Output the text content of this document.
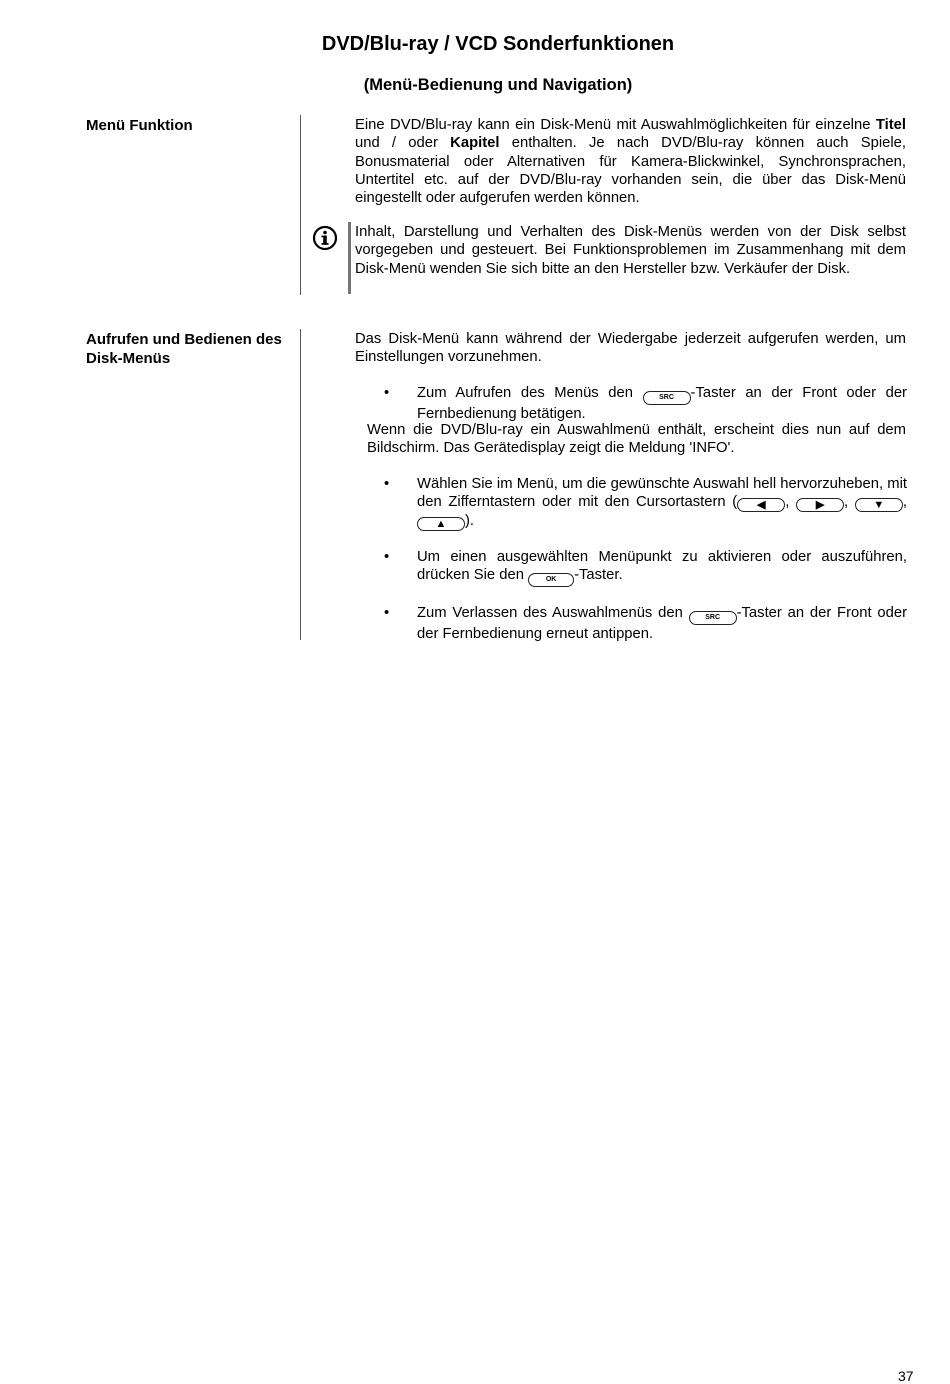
DVD/Blu-ray / VCD Sonderfunktionen
(Menü-Bedienung und Navigation)
Menü Funktion	Eine DVD/Blu-ray kann ein Disk-Menü mit Auswahlmöglichkeiten für einzelne Titel und / oder Kapitel enthalten. Je nach DVD/Blu-ray können auch Spiele, Bonusmaterial oder Alternativen für Kamera-Blickwinkel, Synchronsprachen, Untertitel etc. auf der DVD/Blu-ray vorhanden sein, die über das Disk-Menü eingestellt oder aufgerufen werden können.
Inhalt, Darstellung und Verhalten des Disk-Menüs werden von der Disk selbst vorgegeben und gesteuert. Bei Funktionsproblemen im Zusammenhang mit dem Disk-Menü wenden Sie sich bitte an den Hersteller bzw. Verkäufer der Disk.
Aufrufen und Bedienen des Disk-Menüs
Das Disk-Menü kann während der Wiedergabe jederzeit aufgerufen werden, um Einstellungen vorzunehmen.
• Zum Aufrufen des Menüs den SRC -Taster an der Front oder der Fernbedienung betätigen.
Wenn die DVD/Blu-ray ein Auswahlmenü enthält, erscheint dies nun auf dem Bildschirm. Das Gerätedisplay zeigt die Meldung 'INFO'.
• Wählen Sie im Menü, um die gewünschte Auswahl hell hervorzuheben, mit den Zifferntastern oder mit den Cursortastern ( ◀ , ▶ , ▼ , ▲ ).
• Um einen ausgewählten Menüpunkt zu aktivieren oder auszuführen, drücken Sie den	OK -Taster.
• Zum Verlassen des Auswahlmenüs den SRC -Taster an der Front oder der Fernbedienung erneut antippen.
37
